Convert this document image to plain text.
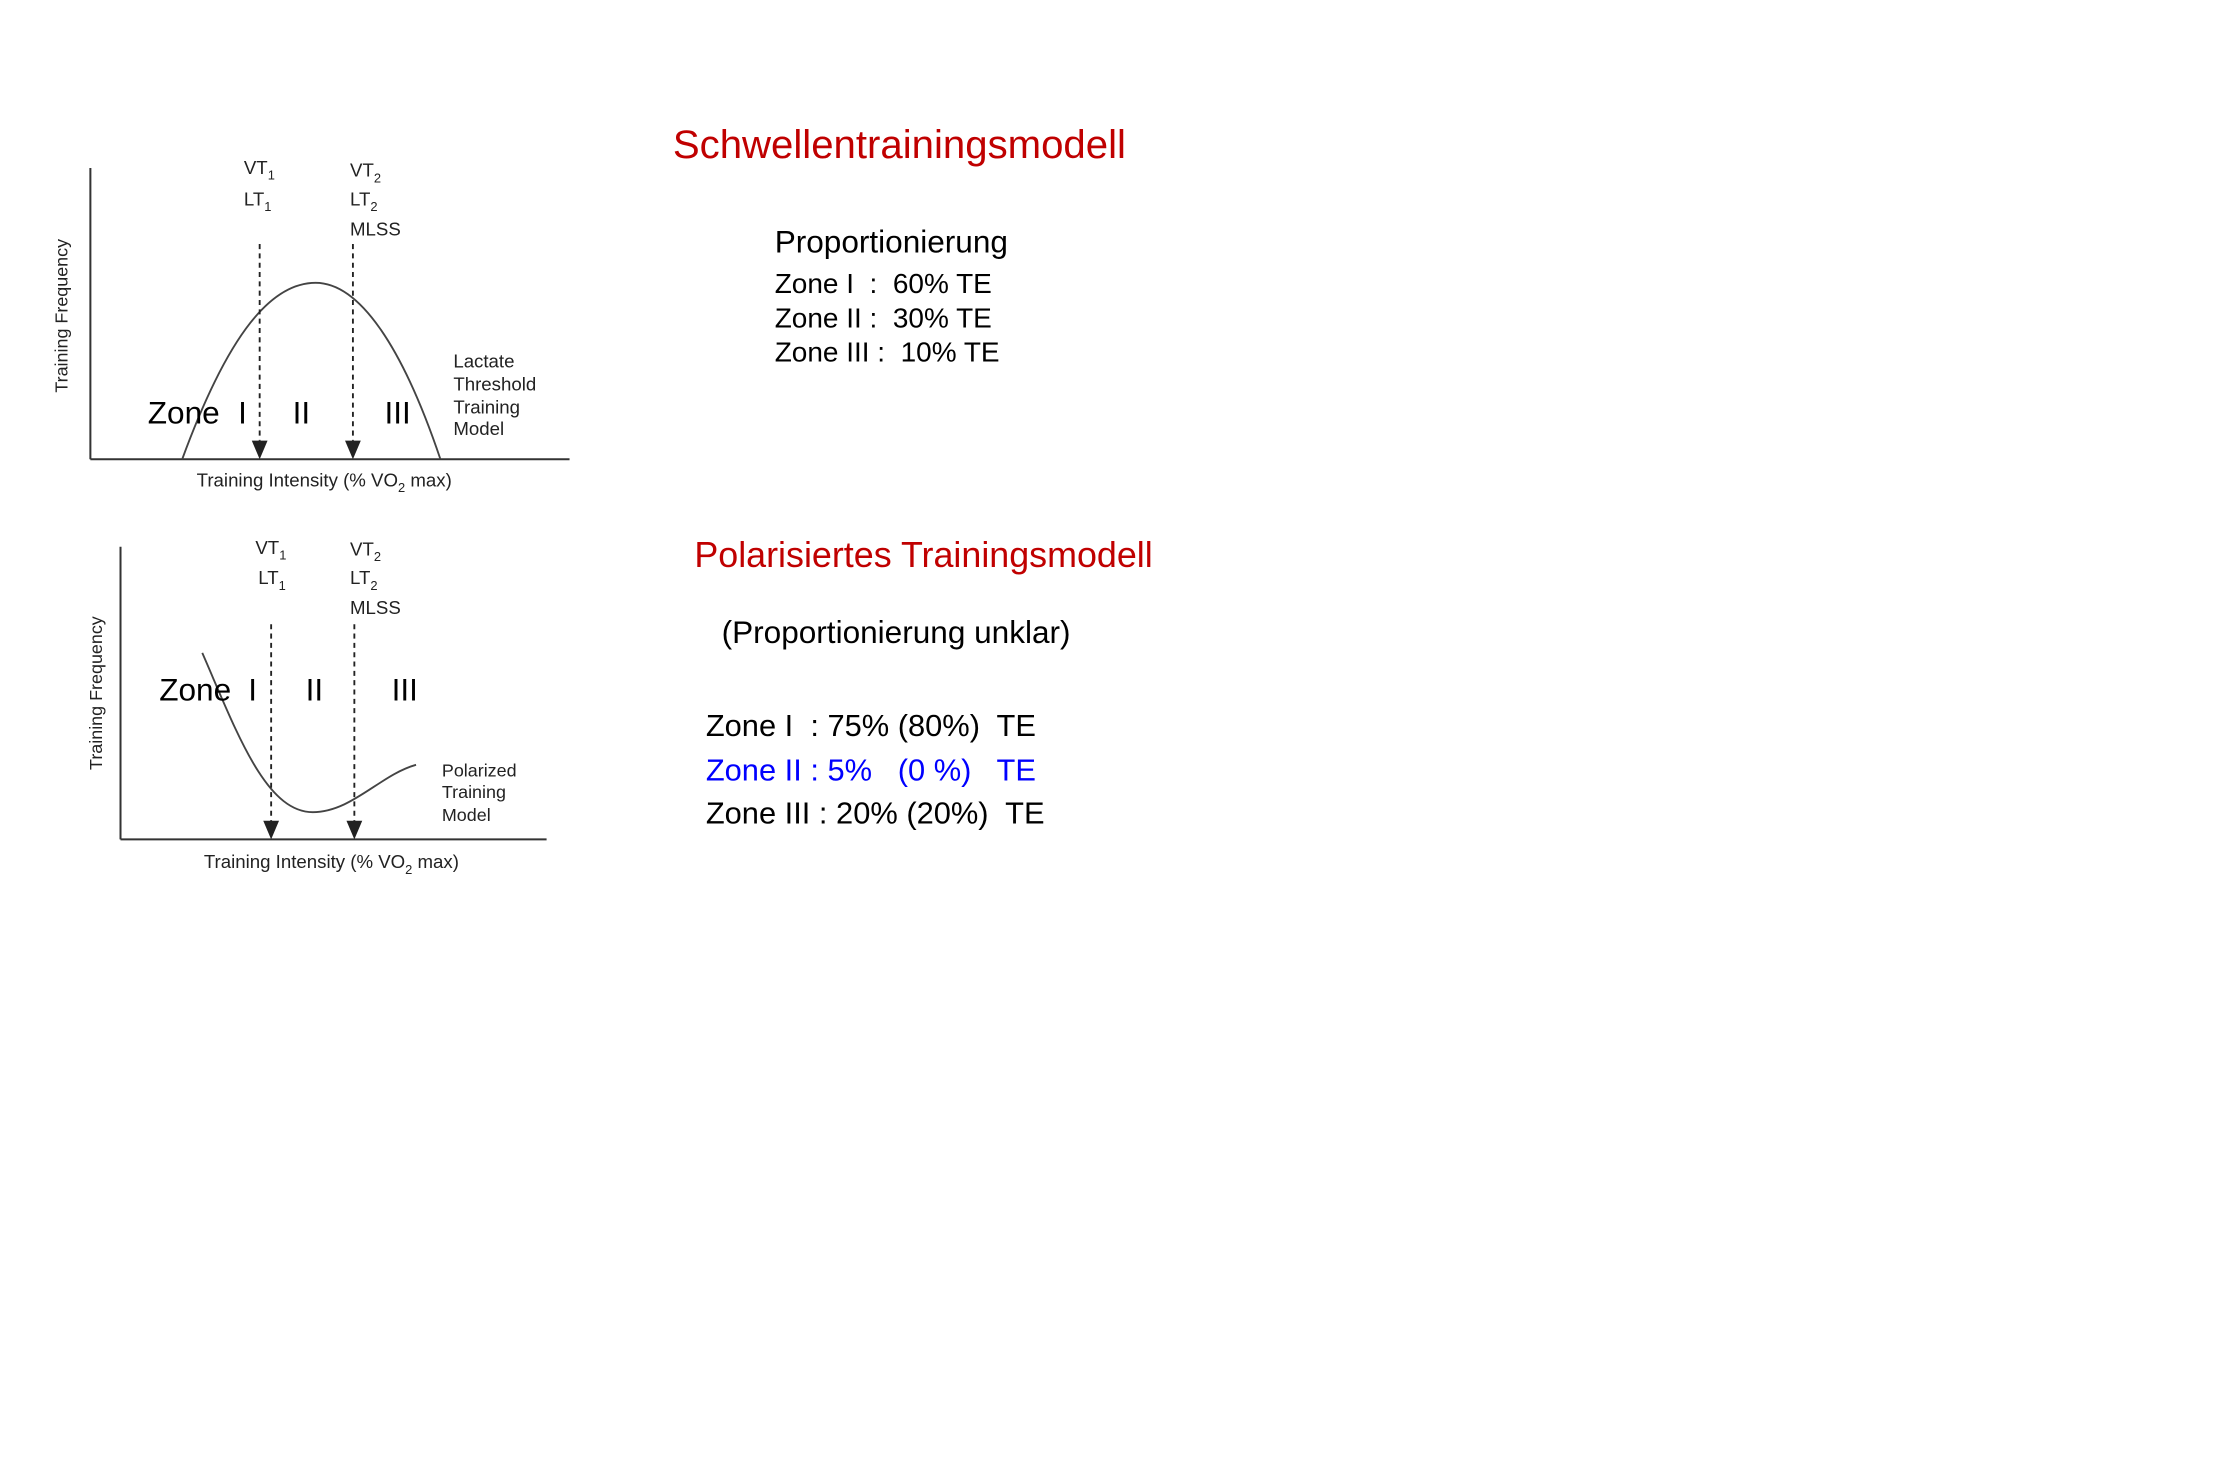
Training Frequency
Training Intensity (% $VO_2$ max)
$VT_1$
$LT_1$
$VT_2$
$LT_2$
MLSS
Zone I II	III
Lactate
Threshold
Training
Model
Schwellentrainingsmodell
Proportionierung
Zone I  :  60% TE
Zone II :  30% TE
Zone III :  10% TE
Training Frequency
Training Intensity (% $VO_2$ max)
$VT_1$
$LT_1$
$VT_2$
$LT_2$
MLSS
Zone I II	III
Polarized
Training
Model
Polarisiertes Trainingsmodell
(Proportionierung unklar)
Zone I  : 75% (80%)  TE
Zone II : 5%   (0 %)   TE
Zone III : 20% (20%)  TE
